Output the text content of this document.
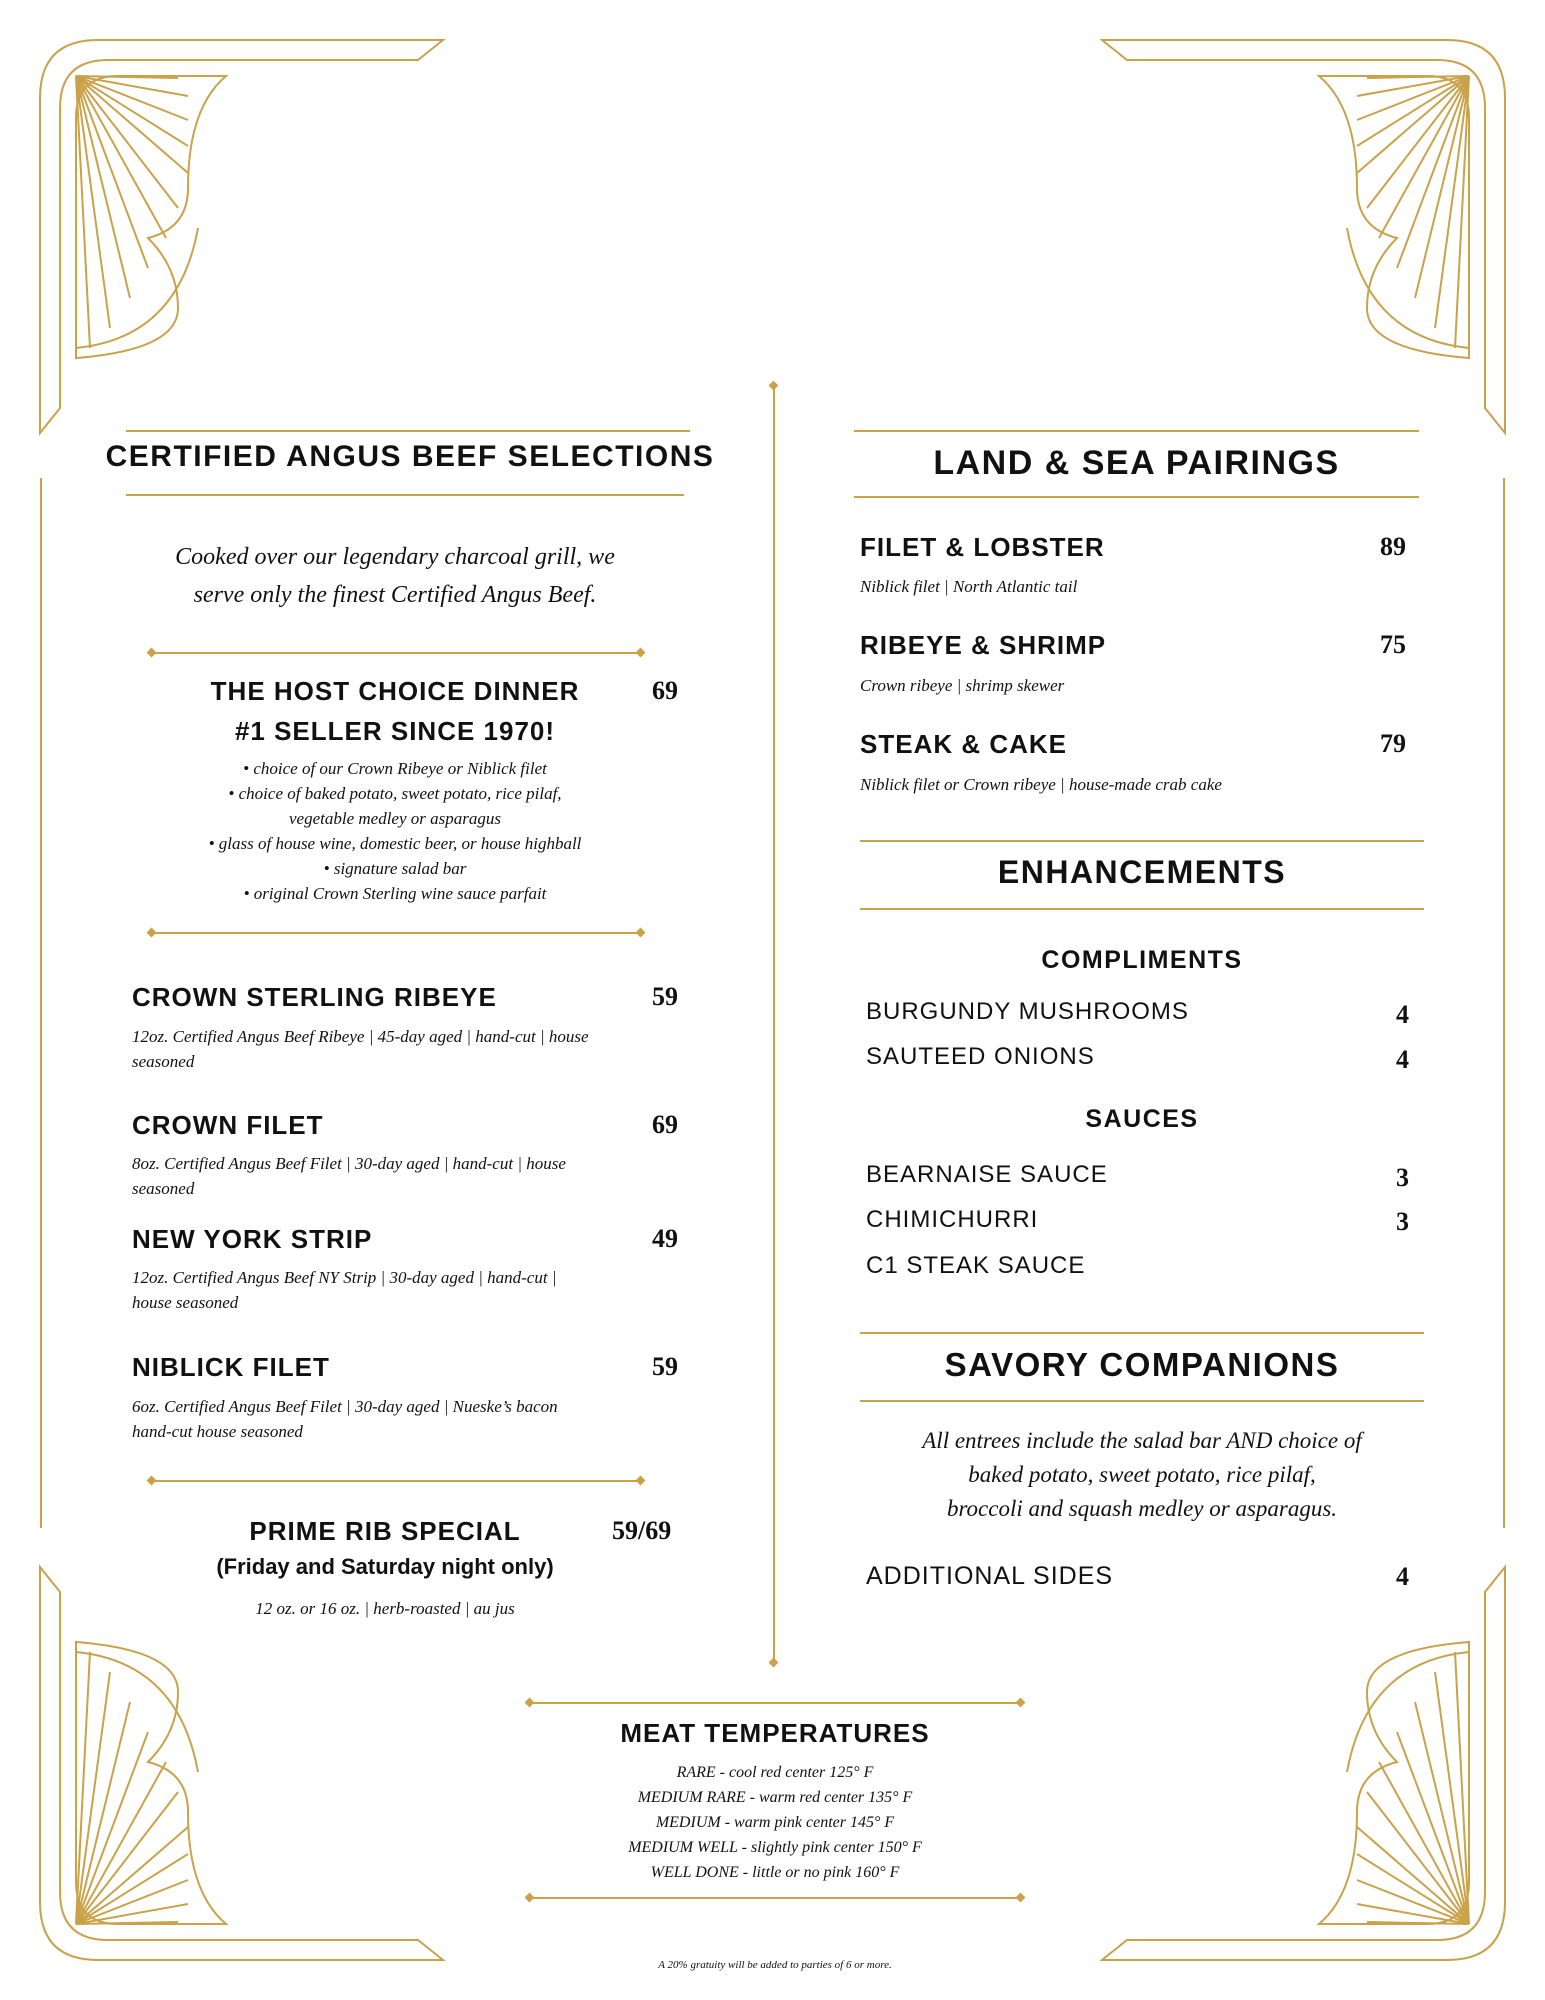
CERTIFIED ANGUS BEEF SELECTIONS
Cooked over our legendary charcoal grill, we
serve only the finest Certified Angus Beef.
THE HOST CHOICE DINNER	69
#1 SELLER SINCE 1970!
• choice of our Crown Ribeye or Niblick filet
• choice of baked potato, sweet potato, rice pilaf,
vegetable medley or asparagus
• glass of house wine, domestic beer, or house highball
• signature salad bar
• original Crown Sterling wine sauce parfait
CROWN STERLING RIBEYE	59
12oz. Certified Angus Beef Ribeye | 45-day aged | hand-cut | house
seasoned
CROWN FILET	69
8oz. Certified Angus Beef Filet | 30-day aged | hand-cut | house
seasoned
NEW YORK STRIP	49
12oz. Certified Angus Beef NY Strip | 30-day aged | hand-cut |
house seasoned
NIBLICK FILET	59
6oz. Certified Angus Beef Filet | 30-day aged | Nueske’s bacon
hand-cut house seasoned
PRIME RIB SPECIAL	59/69
(Friday and Saturday night only)
12 oz. or 16 oz. | herb-roasted | au jus
LAND & SEA PAIRINGS
FILET & LOBSTER	89
Niblick filet | North Atlantic tail
RIBEYE & SHRIMP	75
Crown ribeye | shrimp skewer
STEAK & CAKE	79
Niblick filet or Crown ribeye | house-made crab cake
ENHANCEMENTS
COMPLIMENTS
BURGUNDY MUSHROOMS	4
SAUTEED ONIONS	4
SAUCES
BEARNAISE SAUCE	3
CHIMICHURRI	3
C1 STEAK SAUCE
SAVORY COMPANIONS
All entrees include the salad bar AND choice of
baked potato, sweet potato, rice pilaf,
broccoli and squash medley or asparagus.
ADDITIONAL SIDES	4
MEAT TEMPERATURES
RARE - cool red center 125° F
MEDIUM RARE - warm red center 135° F
MEDIUM - warm pink center 145° F
MEDIUM WELL - slightly pink center 150° F
WELL DONE - little or no pink 160° F
A 20% gratuity will be added to parties of 6 or more.
